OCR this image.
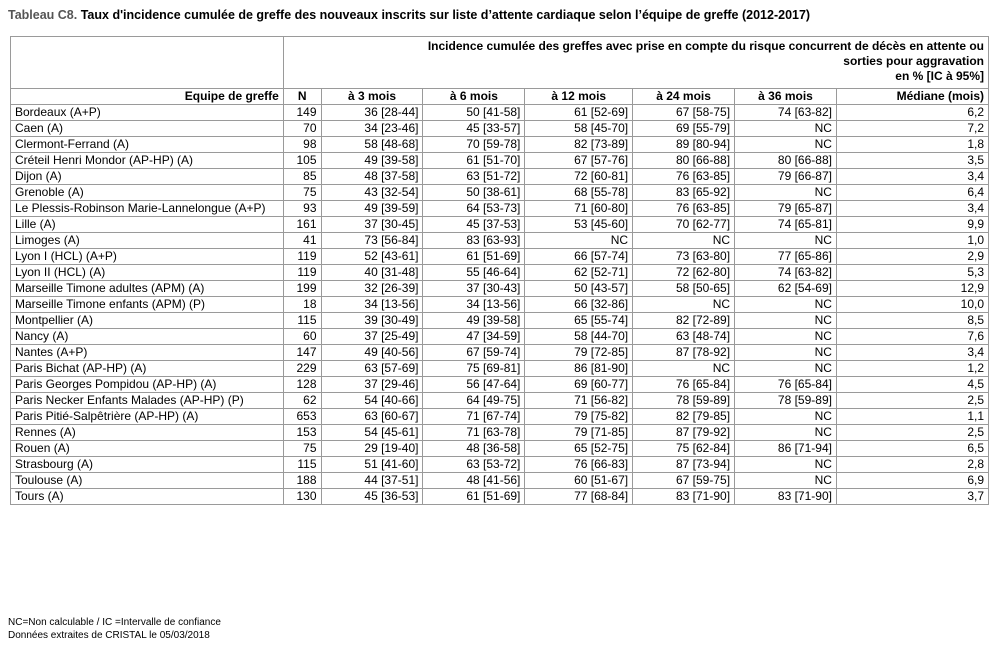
Tableau C8. Taux d'incidence cumulée de greffe des nouveaux inscrits sur liste d’attente cardiaque selon l’équipe de greffe (2012-2017)

	Incidence cumulée des greffes avec prise en compte du risque concurrent de décès en attente ou
sorties pour aggravation
en % [IC à 95%]						

Equipe de greffe	N	à 3 mois	à 6 mois	à 12 mois	à 24 mois	à 36 mois	Médiane (mois)
Bordeaux (A+P)	149	36 [28-44]	50 [41-58]	61 [52-69]	67 [58-75]	74 [63-82]	6,2
Caen (A)	70	34 [23-46]	45 [33-57]	58 [45-70]	69 [55-79]	NC	7,2
Clermont-Ferrand (A)	98	58 [48-68]	70 [59-78]	82 [73-89]	89 [80-94]	NC	1,8
Créteil Henri Mondor (AP-HP) (A)	105	49 [39-58]	61 [51-70]	67 [57-76]	80 [66-88]	80 [66-88]	3,5
Dijon (A)	85	48 [37-58]	63 [51-72]	72 [60-81]	76 [63-85]	79 [66-87]	3,4
Grenoble (A)	75	43 [32-54]	50 [38-61]	68 [55-78]	83 [65-92]	NC	6,4
Le Plessis-Robinson Marie-Lannelongue (A+P)	93	49 [39-59]	64 [53-73]	71 [60-80]	76 [63-85]	79 [65-87]	3,4
Lille (A)	161	37 [30-45]	45 [37-53]	53 [45-60]	70 [62-77]	74 [65-81]	9,9
Limoges (A)	41	73 [56-84]	83 [63-93]	NC	NC	NC	1,0
Lyon I (HCL) (A+P)	119	52 [43-61]	61 [51-69]	66 [57-74]	73 [63-80]	77 [65-86]	2,9
Lyon II (HCL) (A)	119	40 [31-48]	55 [46-64]	62 [52-71]	72 [62-80]	74 [63-82]	5,3
Marseille Timone adultes (APM) (A)	199	32 [26-39]	37 [30-43]	50 [43-57]	58 [50-65]	62 [54-69]	12,9
Marseille Timone enfants (APM) (P)	18	34 [13-56]	34 [13-56]	66 [32-86]	NC	NC	10,0
Montpellier (A)	115	39 [30-49]	49 [39-58]	65 [55-74]	82 [72-89]	NC	8,5
Nancy (A)	60	37 [25-49]	47 [34-59]	58 [44-70]	63 [48-74]	NC	7,6
Nantes (A+P)	147	49 [40-56]	67 [59-74]	79 [72-85]	87 [78-92]	NC	3,4
Paris Bichat (AP-HP) (A)	229	63 [57-69]	75 [69-81]	86 [81-90]	NC	NC	1,2
Paris Georges Pompidou (AP-HP) (A)	128	37 [29-46]	56 [47-64]	69 [60-77]	76 [65-84]	76 [65-84]	4,5
Paris Necker Enfants Malades (AP-HP) (P)	62	54 [40-66]	64 [49-75]	71 [56-82]	78 [59-89]	78 [59-89]	2,5
Paris Pitié-Salpêtrière (AP-HP) (A)	653	63 [60-67]	71 [67-74]	79 [75-82]	82 [79-85]	NC	1,1
Rennes (A)	153	54 [45-61]	71 [63-78]	79 [71-85]	87 [79-92]	NC	2,5
Rouen (A)	75	29 [19-40]	48 [36-58]	65 [52-75]	75 [62-84]	86 [71-94]	6,5
Strasbourg (A)	115	51 [41-60]	63 [53-72]	76 [66-83]	87 [73-94]	NC	2,8
Toulouse (A)	188	44 [37-51]	48 [41-56]	60 [51-67]	67 [59-75]	NC	6,9
Tours (A)	130	45 [36-53]	61 [51-69]	77 [68-84]	83 [71-90]	83 [71-90]	3,7
NC=Non calculable / IC =Intervalle de confiance
Données extraites de CRISTAL le 05/03/2018
